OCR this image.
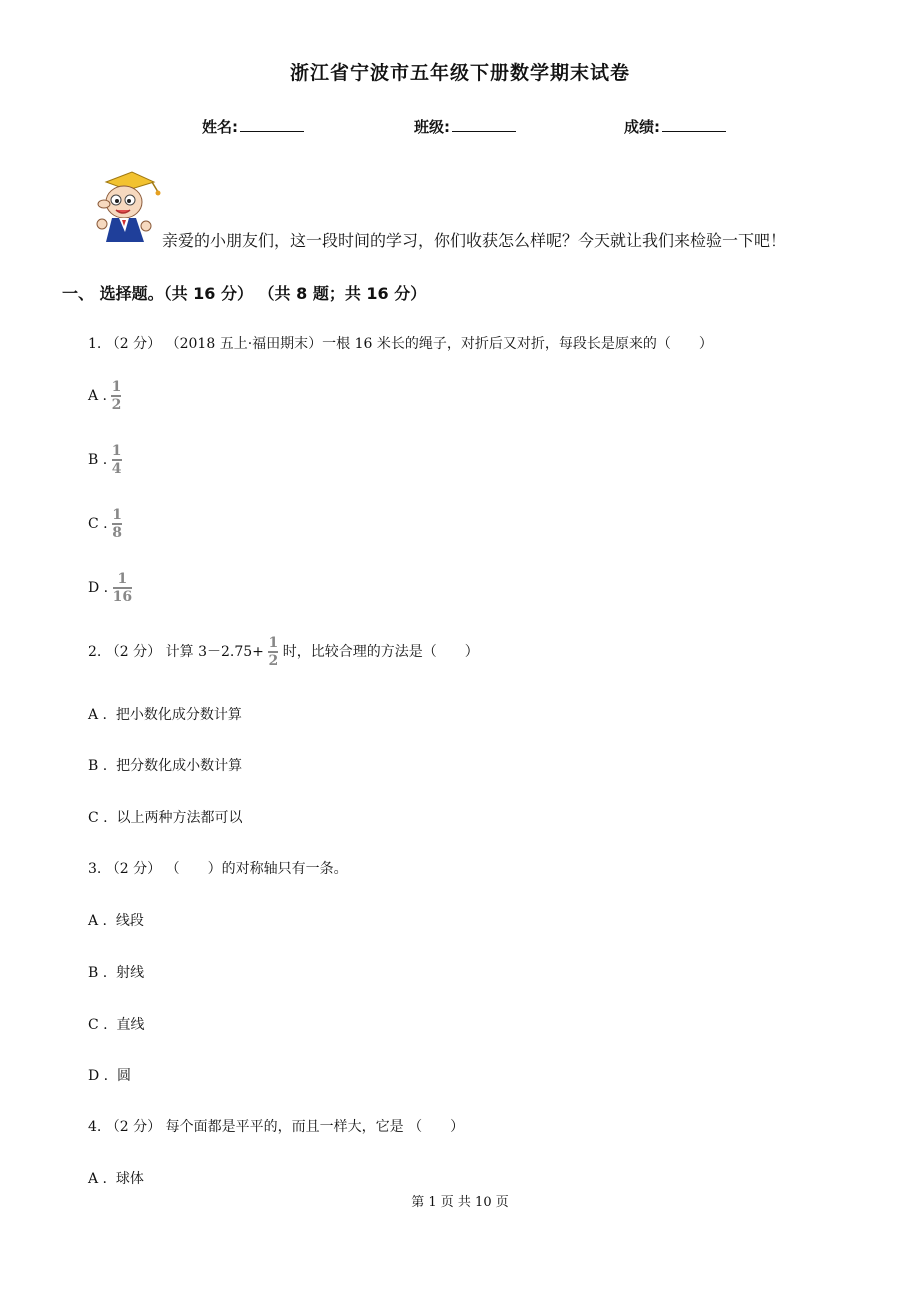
浙江省宁波市五年级下册数学期末试卷
姓名:	班级:	成绩:
亲爱的小朋友们，这一段时间的学习，你们收获怎么样呢？今天就让我们来检验一下吧！
一、 选择题。（共 16 分） （共 8 题；共 16 分）
1. （2 分） （2018 五上·福田期末）一根 16 米长的绳子，对折后又对折，每段长是原来的（　　）
A . $\frac{1}{2}$
B . $\frac{1}{4}$
C . $\frac{1}{8}$
D . $\frac{1}{16}$
2. （2 分） 计算 $3-2.75+ \frac{1}{2}$ 时，比较合理的方法是（　　）
A . 把小数化成分数计算
B . 把分数化成小数计算
C . 以上两种方法都可以
3. （2 分） （　　）的对称轴只有一条。
A . 线段
B . 射线
C . 直线
D . 圆
4. （2 分） 每个面都是平平的，而且一样大，它是 （　　）
A . 球体
第 1 页 共 10 页
